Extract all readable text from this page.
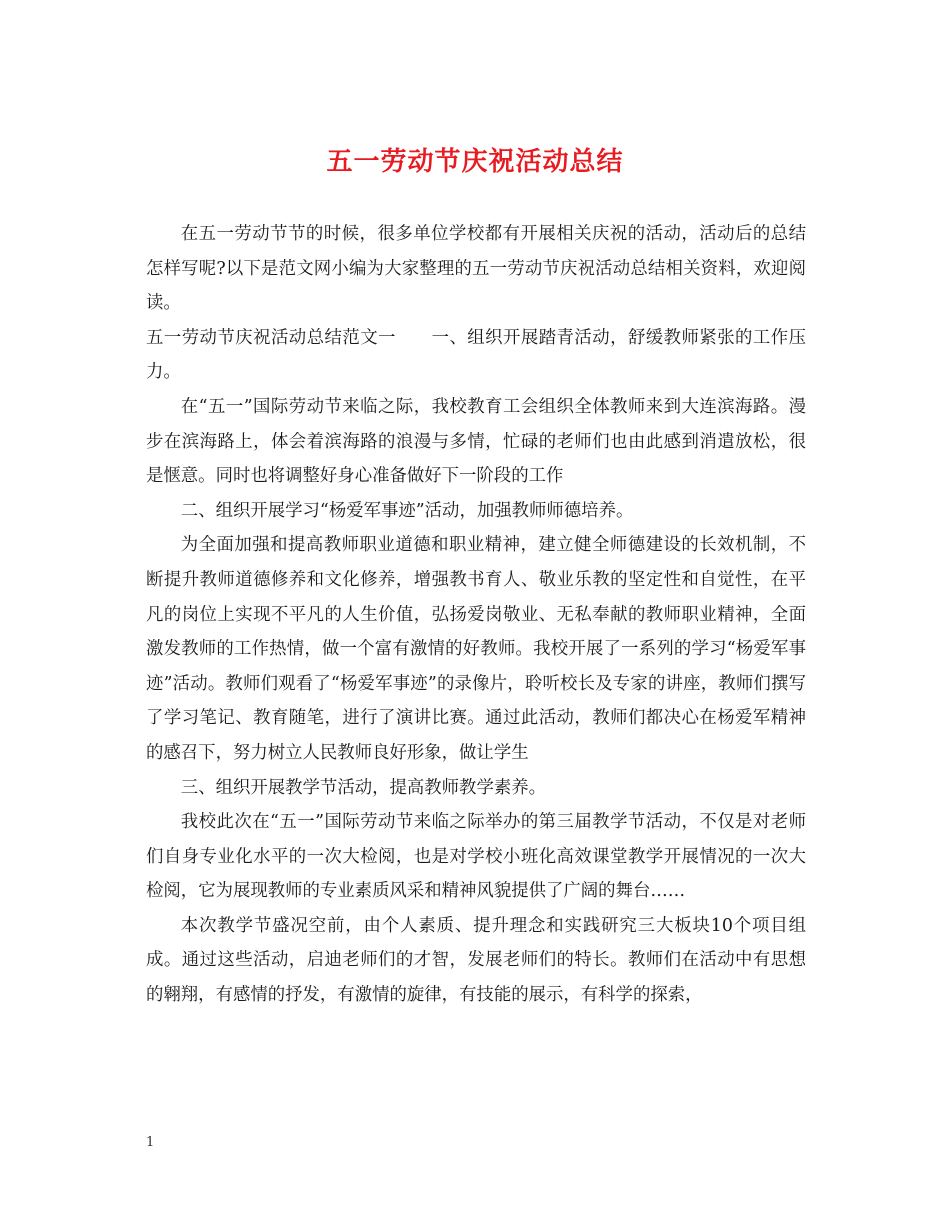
五一劳动节庆祝活动总结

在五一劳动节节的时候，很多单位学校都有开展相关庆祝的活动，活动后的总结怎样写呢?以下是范文网小编为大家整理的五一劳动节庆祝活动总结相关资料，欢迎阅读。

五一劳动节庆祝活动总结范文一　　一、组织开展踏青活动，舒缓教师紧张的工作压力。

在“五一”国际劳动节来临之际，我校教育工会组织全体教师来到大连滨海路。漫步在滨海路上，体会着滨海路的浪漫与多情，忙碌的老师们也由此感到消遣放松，很是惬意。同时也将调整好身心准备做好下一阶段的工作

二、组织开展学习“杨爱军事迹”活动，加强教师师德培养。

为全面加强和提高教师职业道德和职业精神，建立健全师德建设的长效机制，不断提升教师道德修养和文化修养，增强教书育人、敬业乐教的坚定性和自觉性，在平凡的岗位上实现不平凡的人生价值，弘扬爱岗敬业、无私奉献的教师职业精神，全面激发教师的工作热情，做一个富有激情的好教师。我校开展了一系列的学习“杨爱军事迹”活动。教师们观看了“杨爱军事迹”的录像片，聆听校长及专家的讲座，教师们撰写了学习笔记、教育随笔，进行了演讲比赛。通过此活动，教师们都决心在杨爱军精神的感召下，努力树立人民教师良好形象，做让学生

三、组织开展教学节活动，提高教师教学素养。

我校此次在“五一”国际劳动节来临之际举办的第三届教学节活动，不仅是对老师们自身专业化水平的一次大检阅，也是对学校小班化高效课堂教学开展情况的一次大检阅，它为展现教师的专业素质风采和精神风貌提供了广阔的舞台……

本次教学节盛况空前，由个人素质、提升理念和实践研究三大板块10个项目组成。通过这些活动，启迪老师们的才智，发展老师们的特长。教师们在活动中有思想的翱翔，有感情的抒发，有激情的旋律，有技能的展示，有科学的探索，

1
